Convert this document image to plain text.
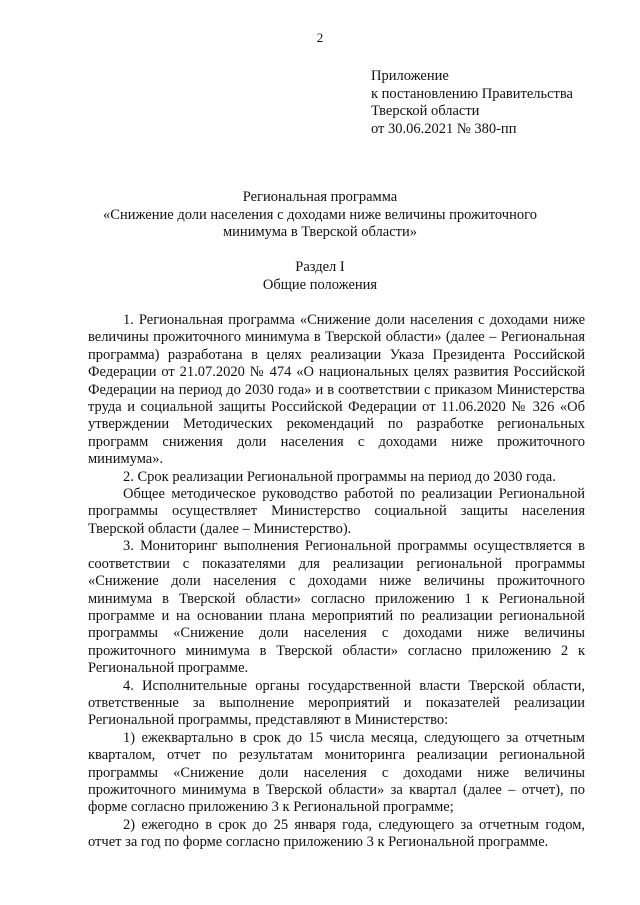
2
Приложение
к постановлению Правительства
Тверской области
от 30.06.2021 № 380-пп
Региональная программа
«Снижение доли населения с доходами ниже величины прожиточного
минимума в Тверской области»
Раздел I
Общие положения

1. Региональная программа «Снижение доли населения с доходами ниже величины прожиточного минимума в Тверской области» (далее – Региональная программа) разработана в целях реализации Указа Президента Российской Федерации от 21.07.2020 № 474 «О национальных целях развития Российской Федерации на период до 2030 года» и в соответствии с приказом Министерства труда и социальной защиты Российской Федерации от 11.06.2020 № 326 «Об утверждении Методических рекомендаций по разработке региональных программ снижения доли населения с доходами ниже прожиточного минимума».

2. Срок реализации Региональной программы на период до 2030 года.

Общее методическое руководство работой по реализации Региональной программы осуществляет Министерство социальной защиты населения Тверской области (далее – Министерство).

3. Мониторинг выполнения Региональной программы осуществляется в соответствии с показателями для реализации региональной программы «Снижение доли населения с доходами ниже величины прожиточного минимума в Тверской области» согласно приложению 1 к Региональной программе и на основании плана мероприятий по реализации региональной программы «Снижение доли населения с доходами ниже величины прожиточного минимума в Тверской области» согласно приложению 2 к Региональной программе.

4. Исполнительные органы государственной власти Тверской области, ответственные за выполнение мероприятий и показателей реализации Региональной программы, представляют в Министерство:

1) ежеквартально в срок до 15 числа месяца, следующего за отчетным кварталом, отчет по результатам мониторинга реализации региональной программы «Снижение доли населения с доходами ниже величины прожиточного минимума в Тверской области» за квартал (далее – отчет), по форме согласно приложению 3 к Региональной программе;

2) ежегодно в срок до 25 января года, следующего за отчетным годом, отчет за год по форме согласно приложению 3 к Региональной программе.
